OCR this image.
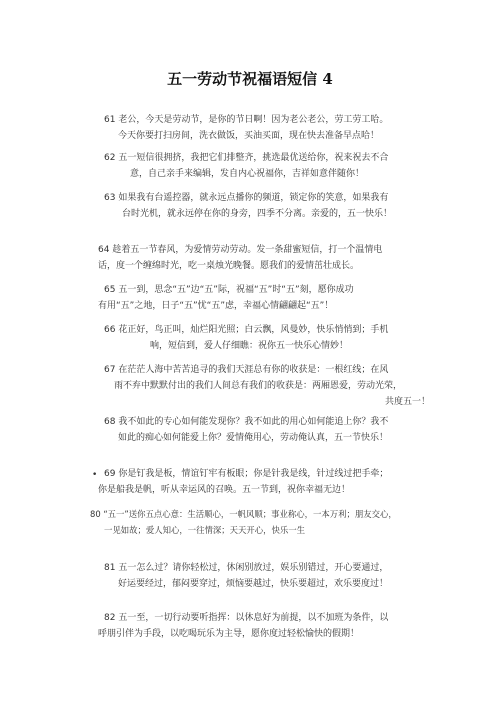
五一劳动节祝福语短信 4
61 老公，今天是劳动节，是你的节日啊！因为老公老公，劳工劳工哈。
今天你要打扫房间，洗衣做饭，买油买面，现在快去准备早点哈！
62 五一短信很拥挤，我把它们排整齐，挑选最优送给你，祝来祝去不合
意，自己亲手来编辑，发自内心祝福你，吉祥如意伴随你！
63 如果我有台遥控器，就永远点播你的频道，锁定你的笑意，如果我有
台时光机，就永远停在你的身旁，四季不分离。亲爱的，五一快乐！
64 趁着五一节春风，为爱情劳动劳动。发一条甜蜜短信，打一个温情电
话，度一个缠绵时光，吃一桌烛光晚餐。愿我们的爱情茁壮成长。
65 五一到，思念“五”边“五”际，祝福“五”时“五”刻，愿你成功
有用“五”之地，日子“五”忧“五”虑，幸福心情翩翩起“五”！
66 花正好，鸟正叫，灿烂阳光照；白云飘，风曼妙，快乐悄悄到；手机
响，短信到，爱人仔细瞧：祝你五一快乐心情妙！
67 在茫茫人海中苦苦追寻的我们天涯总有你的收获是：一根红线；在风
雨不弃中默默付出的我们人间总有我们的收获是：两厢恩爱，劳动光荣，
共度五一！
68 我不如此的专心如何能发现你？我不如此的用心如何能追上你？我不
如此的痴心如何能爱上你？爱情俺用心，劳动俺认真，五一节快乐！
• 69 你是钉我是板，情谊钉牢有板眼；你是针我是线，针过线过把手牵；
你是船我是帆，听从幸运风的召唤。五一节到，祝你幸福无边！
80 “五一”送你五点心意：生活顺心，一帆风顺；事业称心，一本万利；朋友交心，
一见如故；爱人知心，一往情深；天天开心，快乐一生
81 五一怎么过？请你轻松过，休闲别放过，娱乐别错过，开心要通过，
好运要经过，郁闷要穿过，烦恼要越过，快乐要超过，欢乐要度过！
82 五一至，一切行动要听指挥：以休息好为前提，以不加班为条件，以
呼朋引伴为手段，以吃喝玩乐为主导，愿你度过轻松愉快的假期！
